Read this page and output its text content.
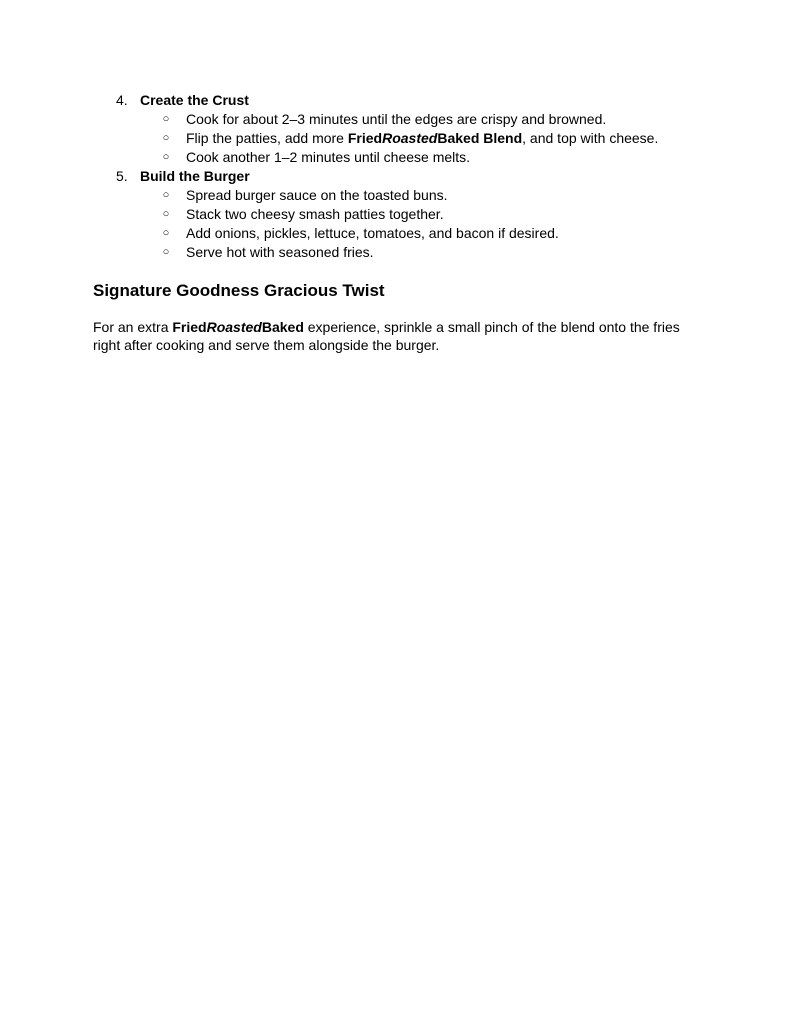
4. Create the Crust
○ Cook for about 2–3 minutes until the edges are crispy and browned.
○ Flip the patties, add more FriedRoastedBaked Blend, and top with cheese.
○ Cook another 1–2 minutes until cheese melts.
5. Build the Burger
○ Spread burger sauce on the toasted buns.
○ Stack two cheesy smash patties together.
○ Add onions, pickles, lettuce, tomatoes, and bacon if desired.
○ Serve hot with seasoned fries.
Signature Goodness Gracious Twist

For an extra FriedRoastedBaked experience, sprinkle a small pinch of the blend onto the fries right after cooking and serve them alongside the burger.
